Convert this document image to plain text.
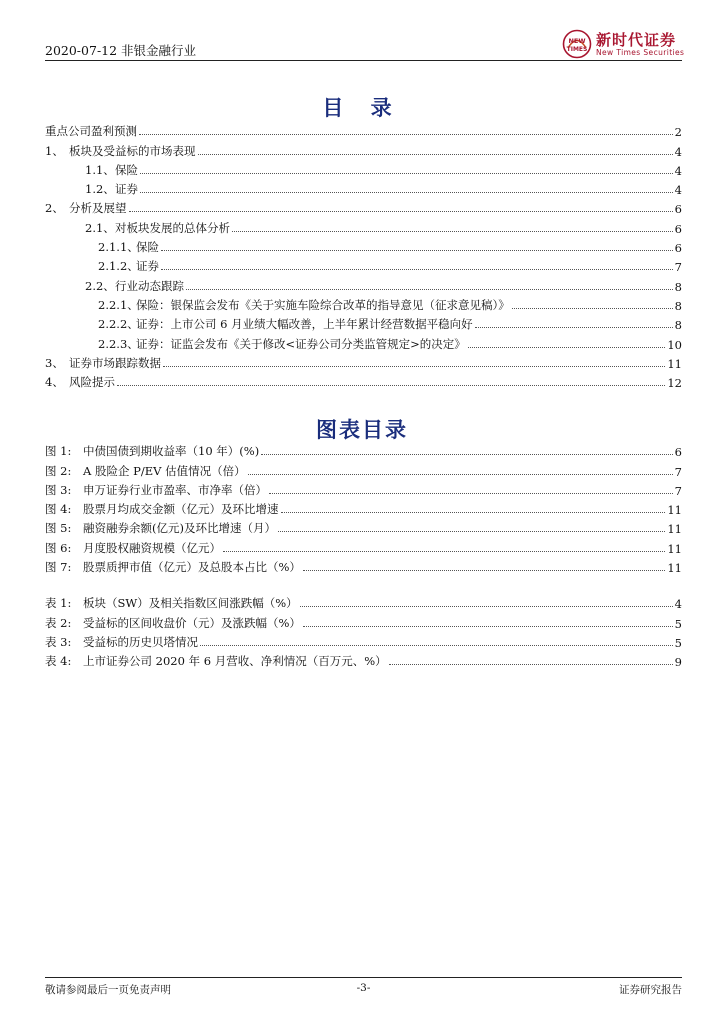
2020-07-12 非银金融行业
NEW
TIMES
新时代证券
New Times Securities
目 录
重点公司盈利预测	2
1、 板块及受益标的市场表现	4
1.1、保险	4
1.2、证券	4
2、 分析及展望	6
2.1、对板块发展的总体分析	6
2.1.1、保险	6
2.1.2、证券	7
2.2、行业动态跟踪	8
2.2.1、保险：银保监会发布《关于实施车险综合改革的指导意见（征求意见稿）》	8
2.2.2、证券：上市公司 6 月业绩大幅改善，上半年累计经营数据平稳向好	8
2.2.3、证券：证监会发布《关于修改<证券公司分类监管规定>的决定》	10
3、 证券市场跟踪数据	11
4、 风险提示	12
图表目录
图 1: 中债国债到期收益率（10 年）(%)	6
图 2: A 股险企 P/EV 估值情况（倍）	7
图 3: 申万证券行业市盈率、市净率（倍）	7
图 4: 股票月均成交金额（亿元）及环比增速	11
图 5: 融资融券余额(亿元)及环比增速（月）	11
图 6: 月度股权融资规模（亿元）	11
图 7: 股票质押市值（亿元）及总股本占比（%）	11
表 1: 板块（SW）及相关指数区间涨跌幅（%）	4
表 2: 受益标的区间收盘价（元）及涨跌幅（%）	5
表 3: 受益标的历史贝塔情况	5
表 4: 上市证券公司 2020 年 6 月营收、净利情况（百万元、%）	9
敬请参阅最后一页免责声明	-3-	证券研究报告
